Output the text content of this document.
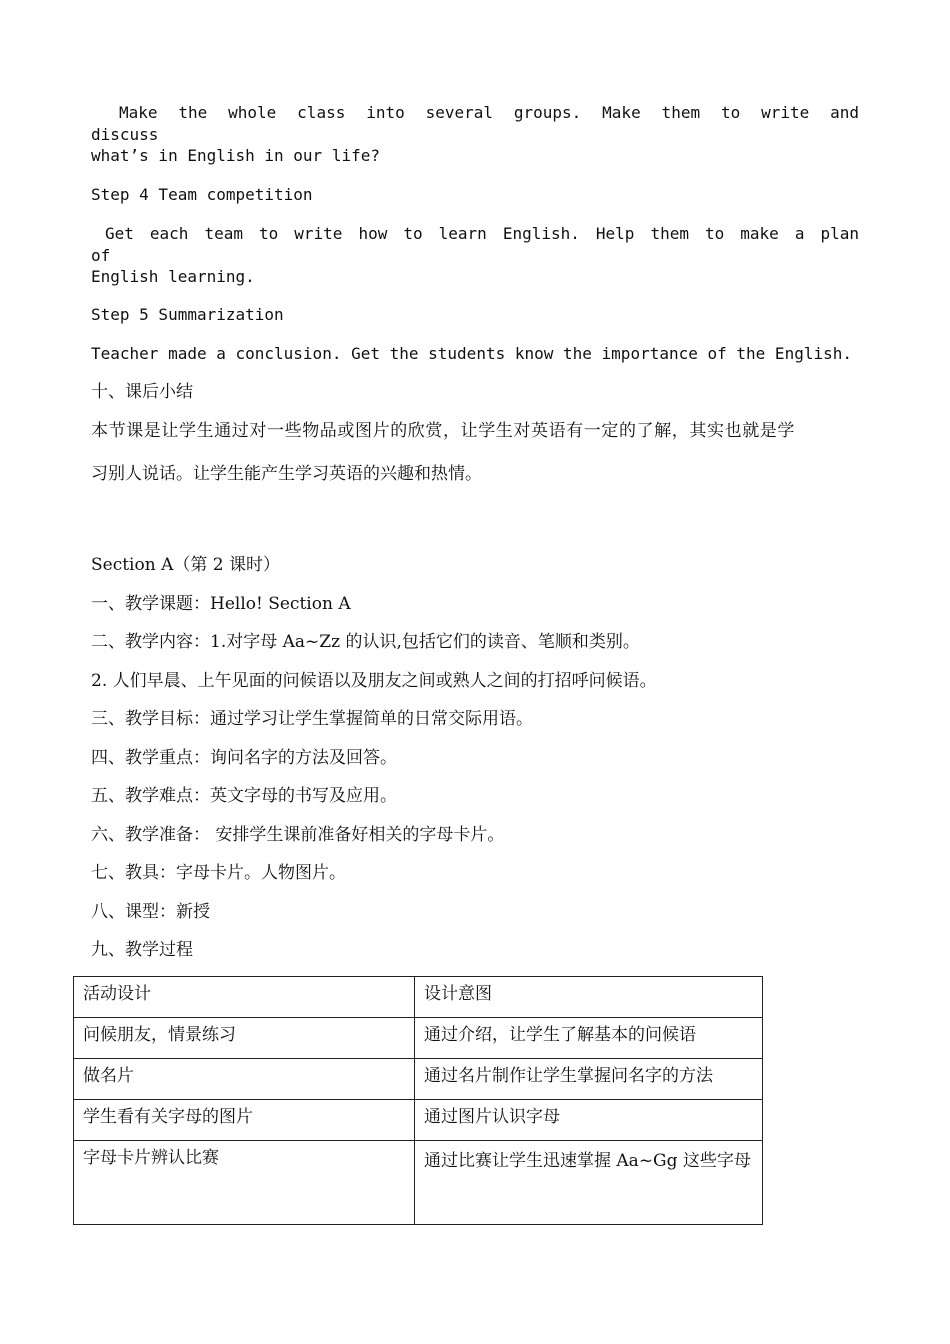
Make the whole class into several groups. Make them to write and discuss
what’s in English in our life?
Step 4 Team competition
Get each team to write how to learn English. Help them to make a plan of
English learning.
Step 5 Summarization
Teacher made a conclusion. Get the students know the importance of the English.
十、课后小结
本节课是让学生通过对一些物品或图片的欣赏，让学生对英语有一定的了解，其实也就是学
习别人说话。让学生能产生学习英语的兴趣和热情。
Section A（第 2 课时）
一、教学课题：Hello! Section A
二、教学内容：1.对字母 Aa~Zz 的认识,包括它们的读音、笔顺和类别。
2. 人们早晨、上午见面的问候语以及朋友之间或熟人之间的打招呼问候语。
三、教学目标：通过学习让学生掌握简单的日常交际用语。
四、教学重点：询问名字的方法及回答。
五、教学难点：英文字母的书写及应用。
六、教学准备： 安排学生课前准备好相关的字母卡片。
七、教具：字母卡片。人物图片。
八、课型：新授
九、教学过程
活动设计	设计意图
问候朋友，情景练习	通过介绍，让学生了解基本的问候语
做名片	通过名片制作让学生掌握问名字的方法
学生看有关字母的图片	通过图片认识字母
字母卡片辨认比赛	通过比赛让学生迅速掌握 Aa~Gg 这些字母
